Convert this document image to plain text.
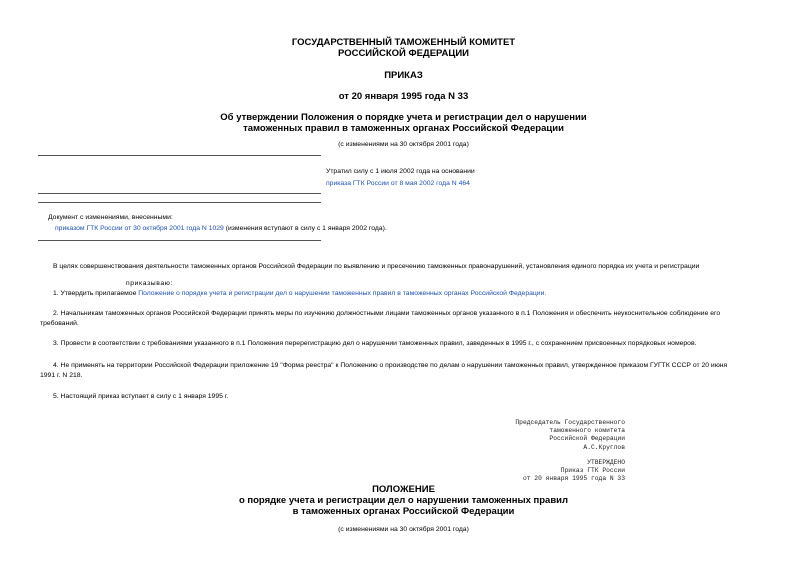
ГОСУДАРСТВЕННЫЙ ТАМОЖЕННЫЙ КОМИТЕТ
РОССИЙСКОЙ ФЕДЕРАЦИИ
ПРИКАЗ
от 20 января 1995 года N 33
Об утверждении Положения о порядке учета и регистрации дел о нарушении
таможенных правил в таможенных органах Российской Федерации
(с изменениями на 30 октября 2001 года)
Утратил силу с 1 июля 2002 года на основании
приказа ГТК России от 8 мая 2002 года N 464
Документ с изменениями, внесенными:
приказом ГТК России от 30 октября 2001 года N 1029 (изменения вступают в силу с 1 января 2002 года).
В целях совершенствования деятельности таможенных органов Российской Федерации по выявлению и пресечению таможенных правонарушений, установления единого порядка их учета и регистрации
приказываю:
1. Утвердить прилагаемое Положение о порядке учета и регистрации дел о нарушении таможенных правил в таможенных органах Российской Федерации.
2. Начальникам таможенных органов Российской Федерации принять меры по изучению должностными лицами таможенных органов указанного в п.1 Положения и обеспечить неукоснительное соблюдение его
требований.
3. Провести в соответствии с требованиями указанного в п.1 Положения перерегистрацию дел о нарушении таможенных правил, заведенных в 1995 г., с сохранением присвоенных порядковых номеров.
4. Не применять на территории Российской Федерации приложение 19 "Форма реестра" к Положению о производстве по делам о нарушении таможенных правил, утвержденное приказом ГУГТК СССР от 20 июня
1991 г. N 218.
5. Настоящий приказ вступает в силу с 1 января 1995 г.
Председатель Государственного
таможенного комитета
Российской Федерации
А.С.Круглов
УТВЕРЖДЕНО
Приказ ГТК России
от 20 января 1995 года N 33
ПОЛОЖЕНИЕ
о порядке учета и регистрации дел о нарушении таможенных правил
в таможенных органах Российской Федерации
(с изменениями на 30 октября 2001 года)
